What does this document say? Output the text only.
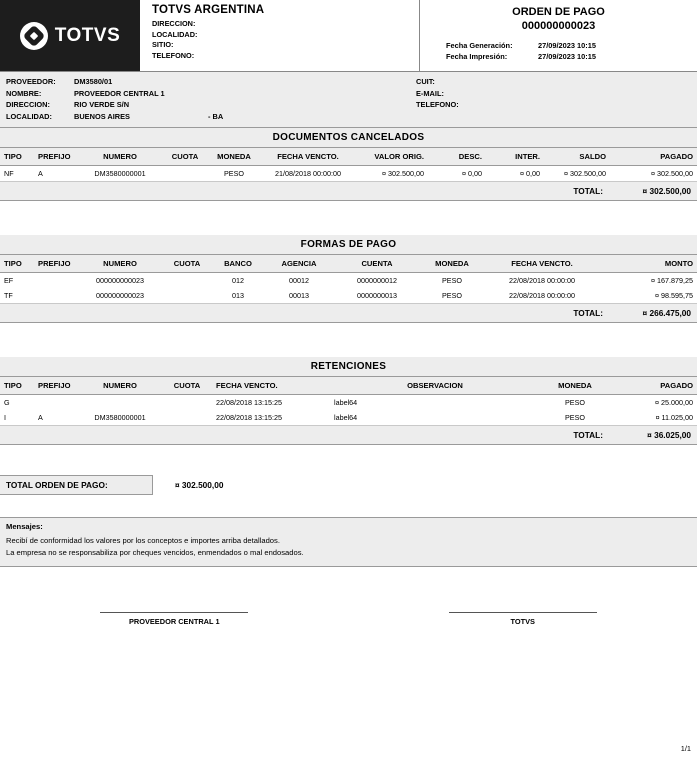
TOTVS
TOTVS ARGENTINA
DIRECCION:
LOCALIDAD:
SITIO:
TELEFONO:
ORDEN DE PAGO
000000000023
Fecha Generación:	27/09/2023 10:15
Fecha Impresión:	27/09/2023 10:15
PROVEEDOR:	DM3580/01
NOMBRE:	PROVEEDOR CENTRAL 1
DIRECCION:	RIO VERDE S/N
LOCALIDAD:	BUENOS AIRES	- BA
CUIT:
E-MAIL:
TELEFONO:
DOCUMENTOS CANCELADOS
TIPO	PREFIJO	NUMERO	CUOTA	MONEDA	FECHA VENCTO.	VALOR ORIG.	DESC.	INTER.	SALDO	PAGADO
NF	A	DM3580000001		PESO	21/08/2018 00:00:00	¤ 302.500,00	¤ 0,00	¤ 0,00	¤ 302.500,00	¤ 302.500,00
TOTAL:	¤ 302.500,00
FORMAS DE PAGO
TIPO	PREFIJO	NUMERO	CUOTA	BANCO	AGENCIA	CUENTA	MONEDA	FECHA VENCTO.	MONTO
EF		000000000023		012	00012	0000000012	PESO	22/08/2018 00:00:00	¤ 167.879,25
TF		000000000023		013	00013	0000000013	PESO	22/08/2018 00:00:00	¤ 98.595,75
TOTAL:	¤ 266.475,00
RETENCIONES
TIPO	PREFIJO	NUMERO	CUOTA	FECHA VENCTO.	OBSERVACION	MONEDA	PAGADO
G				22/08/2018 13:15:25	label64	PESO	¤ 25.000,00
I	A	DM3580000001		22/08/2018 13:15:25	label64	PESO	¤ 11.025,00
TOTAL:	¤ 36.025,00
TOTAL ORDEN DE PAGO:	¤ 302.500,00
Mensajes:
Recibí de conformidad los valores por los conceptos e importes arriba detallados.
La empresa no se responsabiliza por cheques vencidos, enmendados o mal endosados.
PROVEEDOR CENTRAL 1	TOTVS
1/1
